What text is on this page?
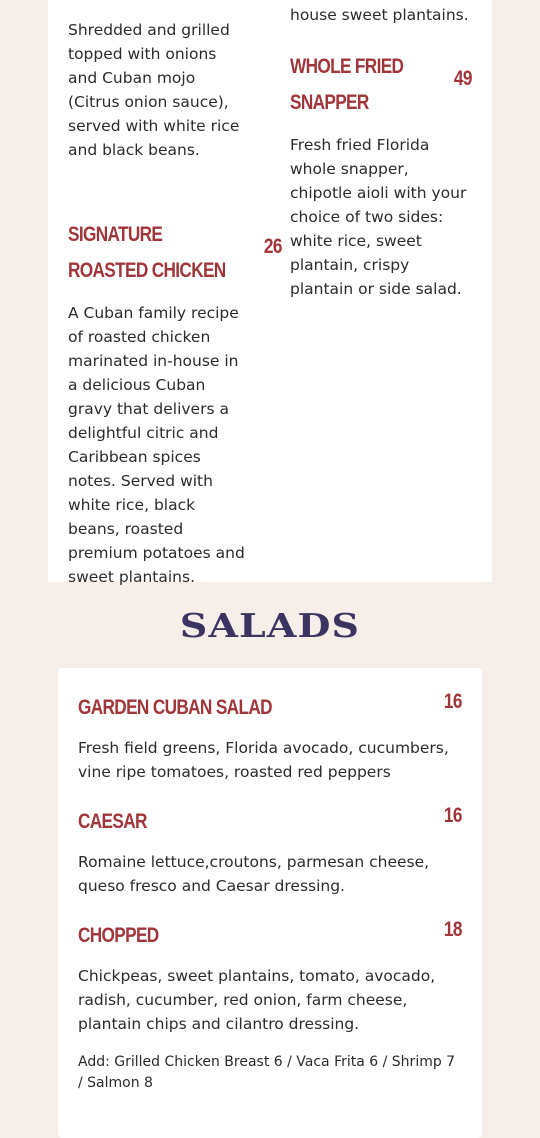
Shredded and grilled topped with onions and Cuban mojo (Citrus onion sauce), served with white rice and black beans.
SIGNATURE
ROASTED CHICKEN
26
A Cuban family recipe of roasted chicken marinated in-house in a delicious Cuban gravy that delivers a delightful citric and Caribbean spices notes. Served with white rice, black beans, roasted premium potatoes and sweet plantains.
house sweet plantains.
WHOLE FRIED
SNAPPER
49
Fresh fried Florida whole snapper, chipotle aioli with your choice of two sides: white rice, sweet plantain, crispy plantain or side salad.
SALADS
GARDEN CUBAN SALAD	16
Fresh field greens, Florida avocado, cucumbers, vine ripe tomatoes, roasted red peppers
CAESAR	16
Romaine lettuce,croutons, parmesan cheese, queso fresco and Caesar dressing.
CHOPPED	18
Chickpeas, sweet plantains, tomato, avocado, radish, cucumber, red onion, farm cheese, plantain chips and cilantro dressing.
Add: Grilled Chicken Breast 6 / Vaca Frita 6 / Shrimp 7 / Salmon 8
